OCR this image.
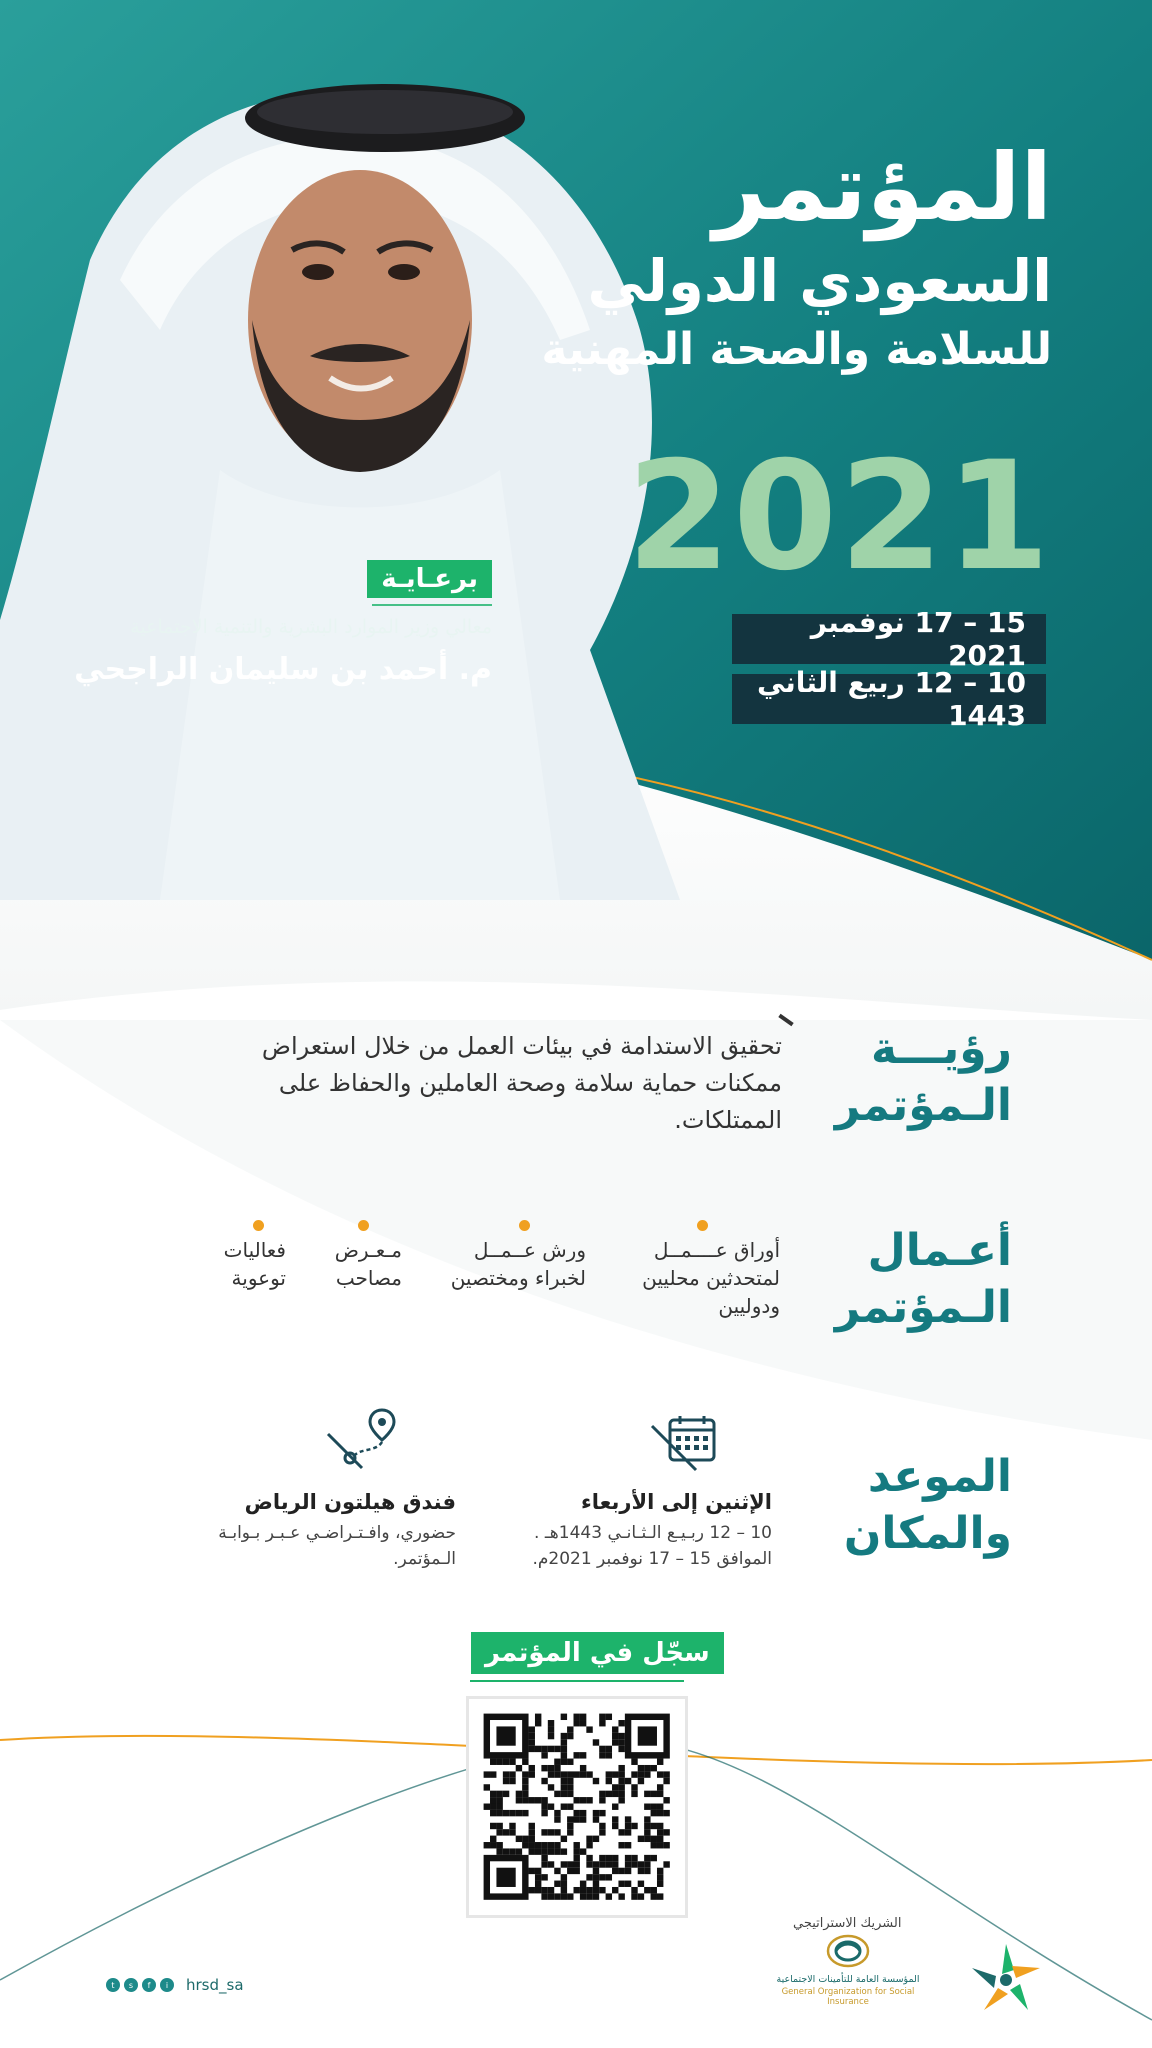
المؤتمر
السعودي الدولي
للسلامة والصحة المهنية
2021
15 – 17 نوفمبر 2021
10 – 12 ربيع الثاني 1443
برعـايـة
معالي وزير الموارد البشرية والتنمية الاجتماعية
م. أحمد بن سليمان الراجحي
رؤيـــة الـمؤتمر
تحقيق الاستدامة في بيئات العمل من خلال استعراض ممكنات حماية سلامة وصحة العاملين والحفاظ على الممتلكات.
أعـمال الـمؤتمر
أوراق عــــمــل لمتحدثين محليين ودوليين
ورش عــمــل لخبراء ومختصين
مـعـرض مصاحب
فعاليات توعوية
الموعد والمكان
الإثنين إلى الأربعاء
10 – 12 ربـيـع الـثـانـي 1443هـ .
الموافق 15 – 17 نوفمبر 2021م.
فندق هيلتون الرياض
حضوري، وافـتـراضـي عـبـر بـوابـة
الـمؤتمر.
سجّل في المؤتمر
t	s	f	i	hrsd_sa
الشريك الاستراتيجي
المؤسسة العامة للتأمينات الاجتماعية
General Organization for Social Insurance
